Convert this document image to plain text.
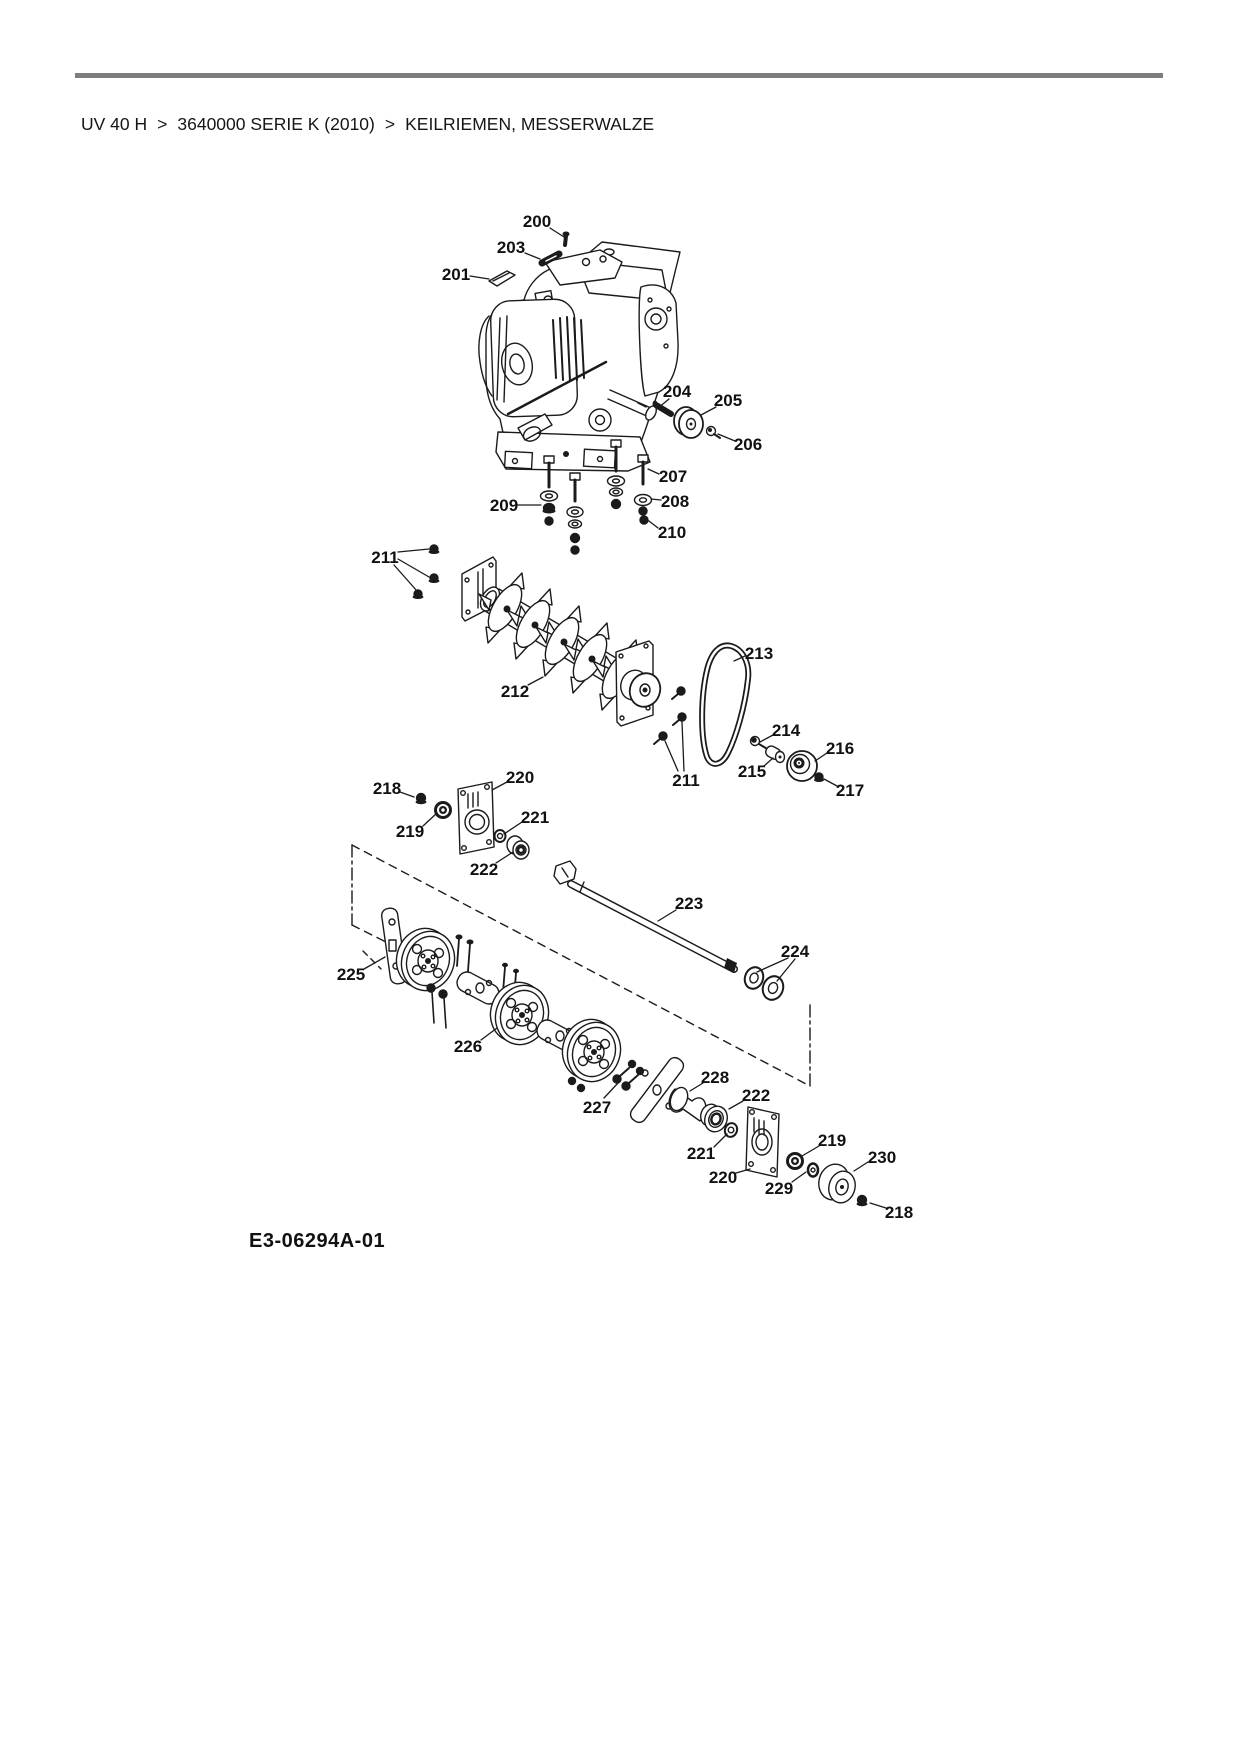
UV 40 H > 3640000 SERIE K (2010) > KEILRIEMEN, MESSERWALZE
200
203
201
204 205
206
207
209	208
210
211
212
213
214
215
216
217
211
218
220
219
221
222
223
224
225
226
227
228
222
221
220
219
229
230
218
E3-06294A-01
